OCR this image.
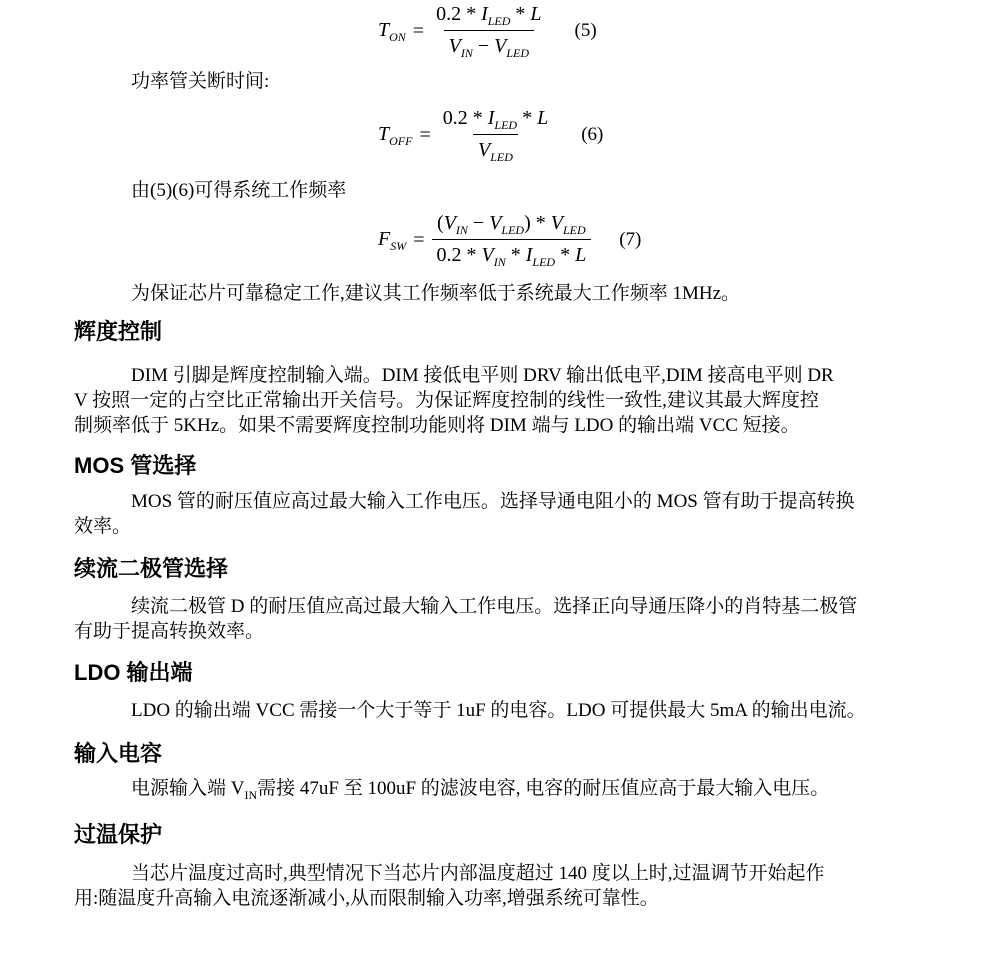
$T_{ON} = \frac{0.2 * I_{LED} * L}{V_{IN} - V_{LED}} (5)$
功率管关断时间:
$T_{OFF} = \frac{0.2 * I_{LED} * L}{V_{LED}} (6)$
由(5)(6)可得系统工作频率
$F_{SW} = \frac{(V_{IN} - V_{LED}) * V_{LED}}{0.2 * V_{IN} * I_{LED} * L} (7)$
为保证芯片可靠稳定工作,建议其工作频率低于系统最大工作频率 1MHz。
辉度控制
DIM 引脚是辉度控制输入端。DIM 接低电平则 DRV 输出低电平,DIM 接高电平则 DR
V 按照一定的占空比正常输出开关信号。为保证辉度控制的线性一致性,建议其最大辉度控
制频率低于 5KHz。如果不需要辉度控制功能则将 DIM 端与 LDO 的输出端 VCC 短接。
MOS 管选择
MOS 管的耐压值应高过最大输入工作电压。选择导通电阻小的 MOS 管有助于提高转换
效率。
续流二极管选择
续流二极管 D 的耐压值应高过最大输入工作电压。选择正向导通压降小的肖特基二极管
有助于提高转换效率。
LDO 输出端
LDO 的输出端 VCC 需接一个大于等于 1uF 的电容。LDO 可提供最大 5mA 的输出电流。
输入电容
电源输入端 $V_{IN}$需接 47uF 至 100uF 的滤波电容, 电容的耐压值应高于最大输入电压。
过温保护
当芯片温度过高时,典型情况下当芯片内部温度超过 140 度以上时,过温调节开始起作
用:随温度升高输入电流逐渐减小,从而限制输入功率,增强系统可靠性。
